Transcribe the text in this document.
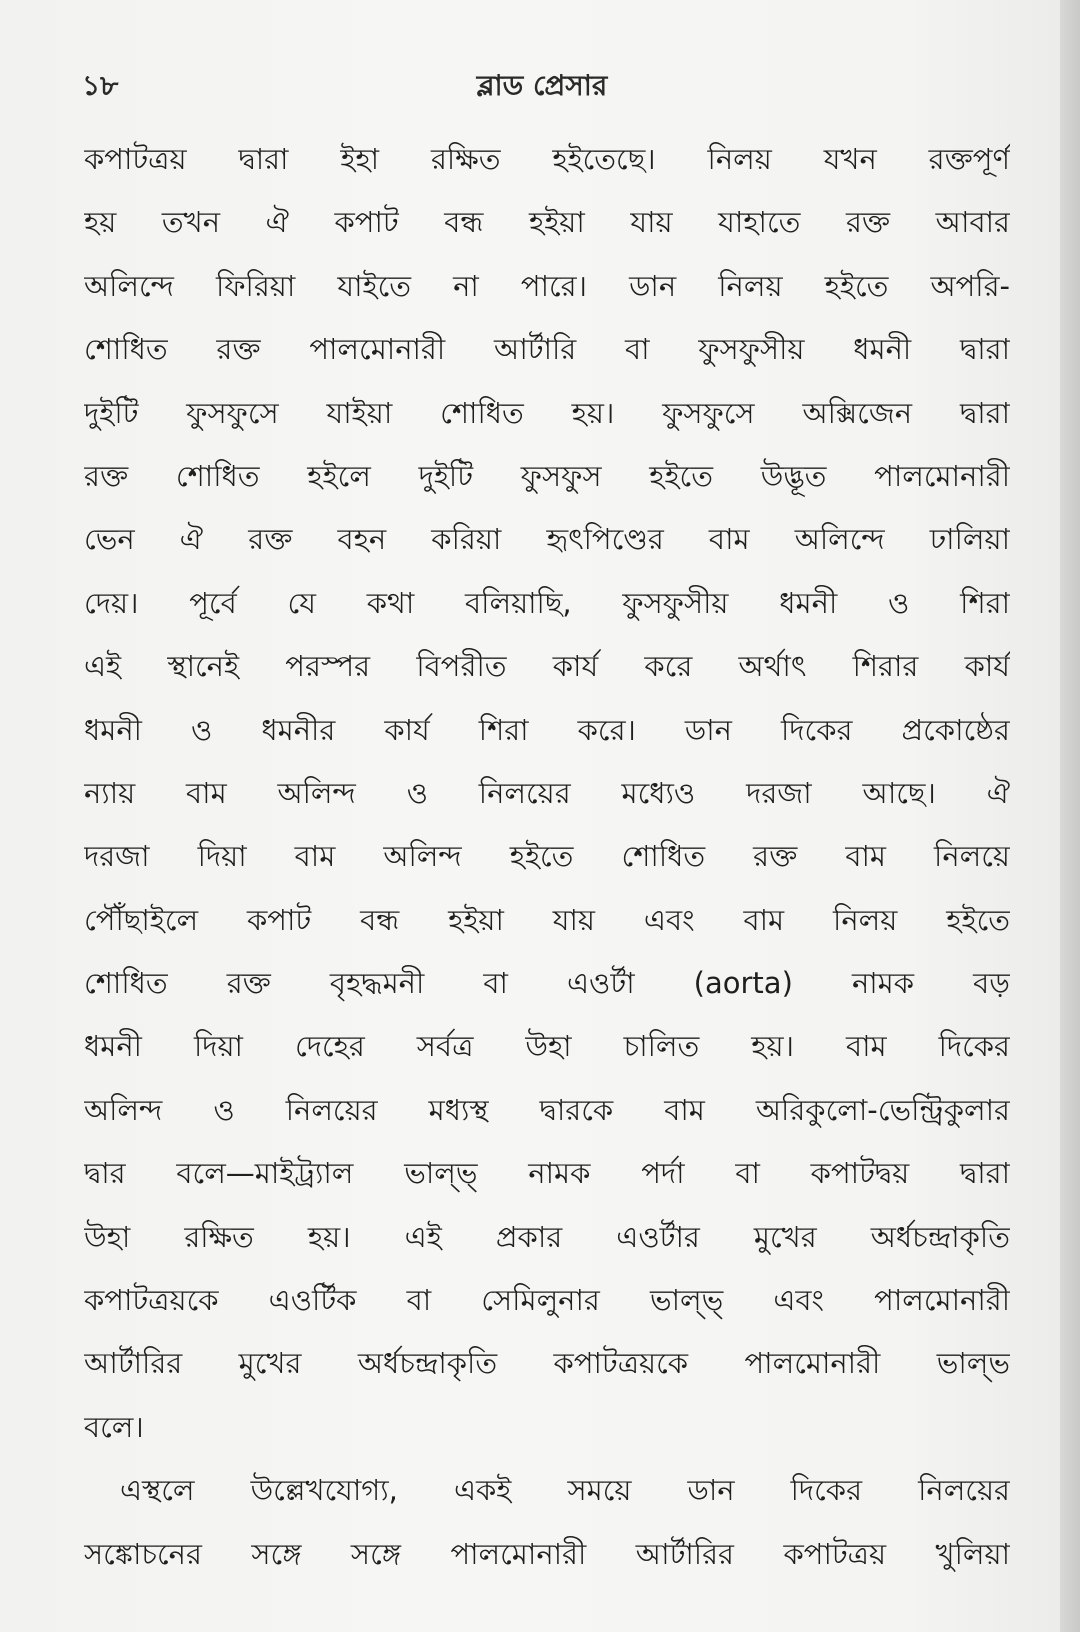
১৮	ব্লাড প্রেসার
কপাটত্রয় দ্বারা ইহা রক্ষিত হইতেছে। নিলয় যখন রক্তপূর্ণ
হয় তখন ঐ কপাট বন্ধ হইয়া যায় যাহাতে রক্ত আবার
অলিন্দে ফিরিয়া যাইতে না পারে। ডান নিলয় হইতে অপরি-
শোধিত রক্ত পালমোনারী আর্টারি বা ফুসফুসীয় ধমনী দ্বারা
দুইটি ফুসফুসে যাইয়া শোধিত হয়। ফুসফুসে অক্সিজেন দ্বারা
রক্ত শোধিত হইলে দুইটি ফুসফুস হইতে উদ্ভূত পালমোনারী
ভেন ঐ রক্ত বহন করিয়া হৃৎপিণ্ডের বাম অলিন্দে ঢালিয়া
দেয়। পূর্বে যে কথা বলিয়াছি, ফুসফুসীয় ধমনী ও শিরা
এই স্থানেই পরস্পর বিপরীত কার্য করে অর্থাৎ শিরার কার্য
ধমনী ও ধমনীর কার্য শিরা করে। ডান দিকের প্রকোষ্ঠের
ন্যায় বাম অলিন্দ ও নিলয়ের মধ্যেও দরজা আছে। ঐ
দরজা দিয়া বাম অলিন্দ হইতে শোধিত রক্ত বাম নিলয়ে
পৌঁছাইলে কপাট বন্ধ হইয়া যায় এবং বাম নিলয় হইতে
শোধিত রক্ত বৃহদ্ধমনী বা এওর্টা (aorta) নামক বড়
ধমনী দিয়া দেহের সর্বত্র উহা চালিত হয়। বাম দিকের
অলিন্দ ও নিলয়ের মধ্যস্থ দ্বারকে বাম অরিকুলো-ভেন্ট্রিকুলার
দ্বার বলে—মাইট্র্যাল ভাল্‌ভ্‌ নামক পর্দা বা কপাটদ্বয় দ্বারা
উহা রক্ষিত হয়। এই প্রকার এওর্টার মুখের অর্ধচন্দ্রাকৃতি
কপাটত্রয়কে এওর্টিক বা সেমিলুনার ভাল্‌ভ্‌ এবং পালমোনারী
আর্টারির মুখের অর্ধচন্দ্রাকৃতি কপাটত্রয়কে পালমোনারী ভাল্‌ভ
বলে।
এস্থলে উল্লেখযোগ্য, একই সময়ে ডান দিকের নিলয়ের
সঙ্কোচনের সঙ্গে সঙ্গে পালমোনারী আর্টারির কপাটত্রয় খুলিয়া
